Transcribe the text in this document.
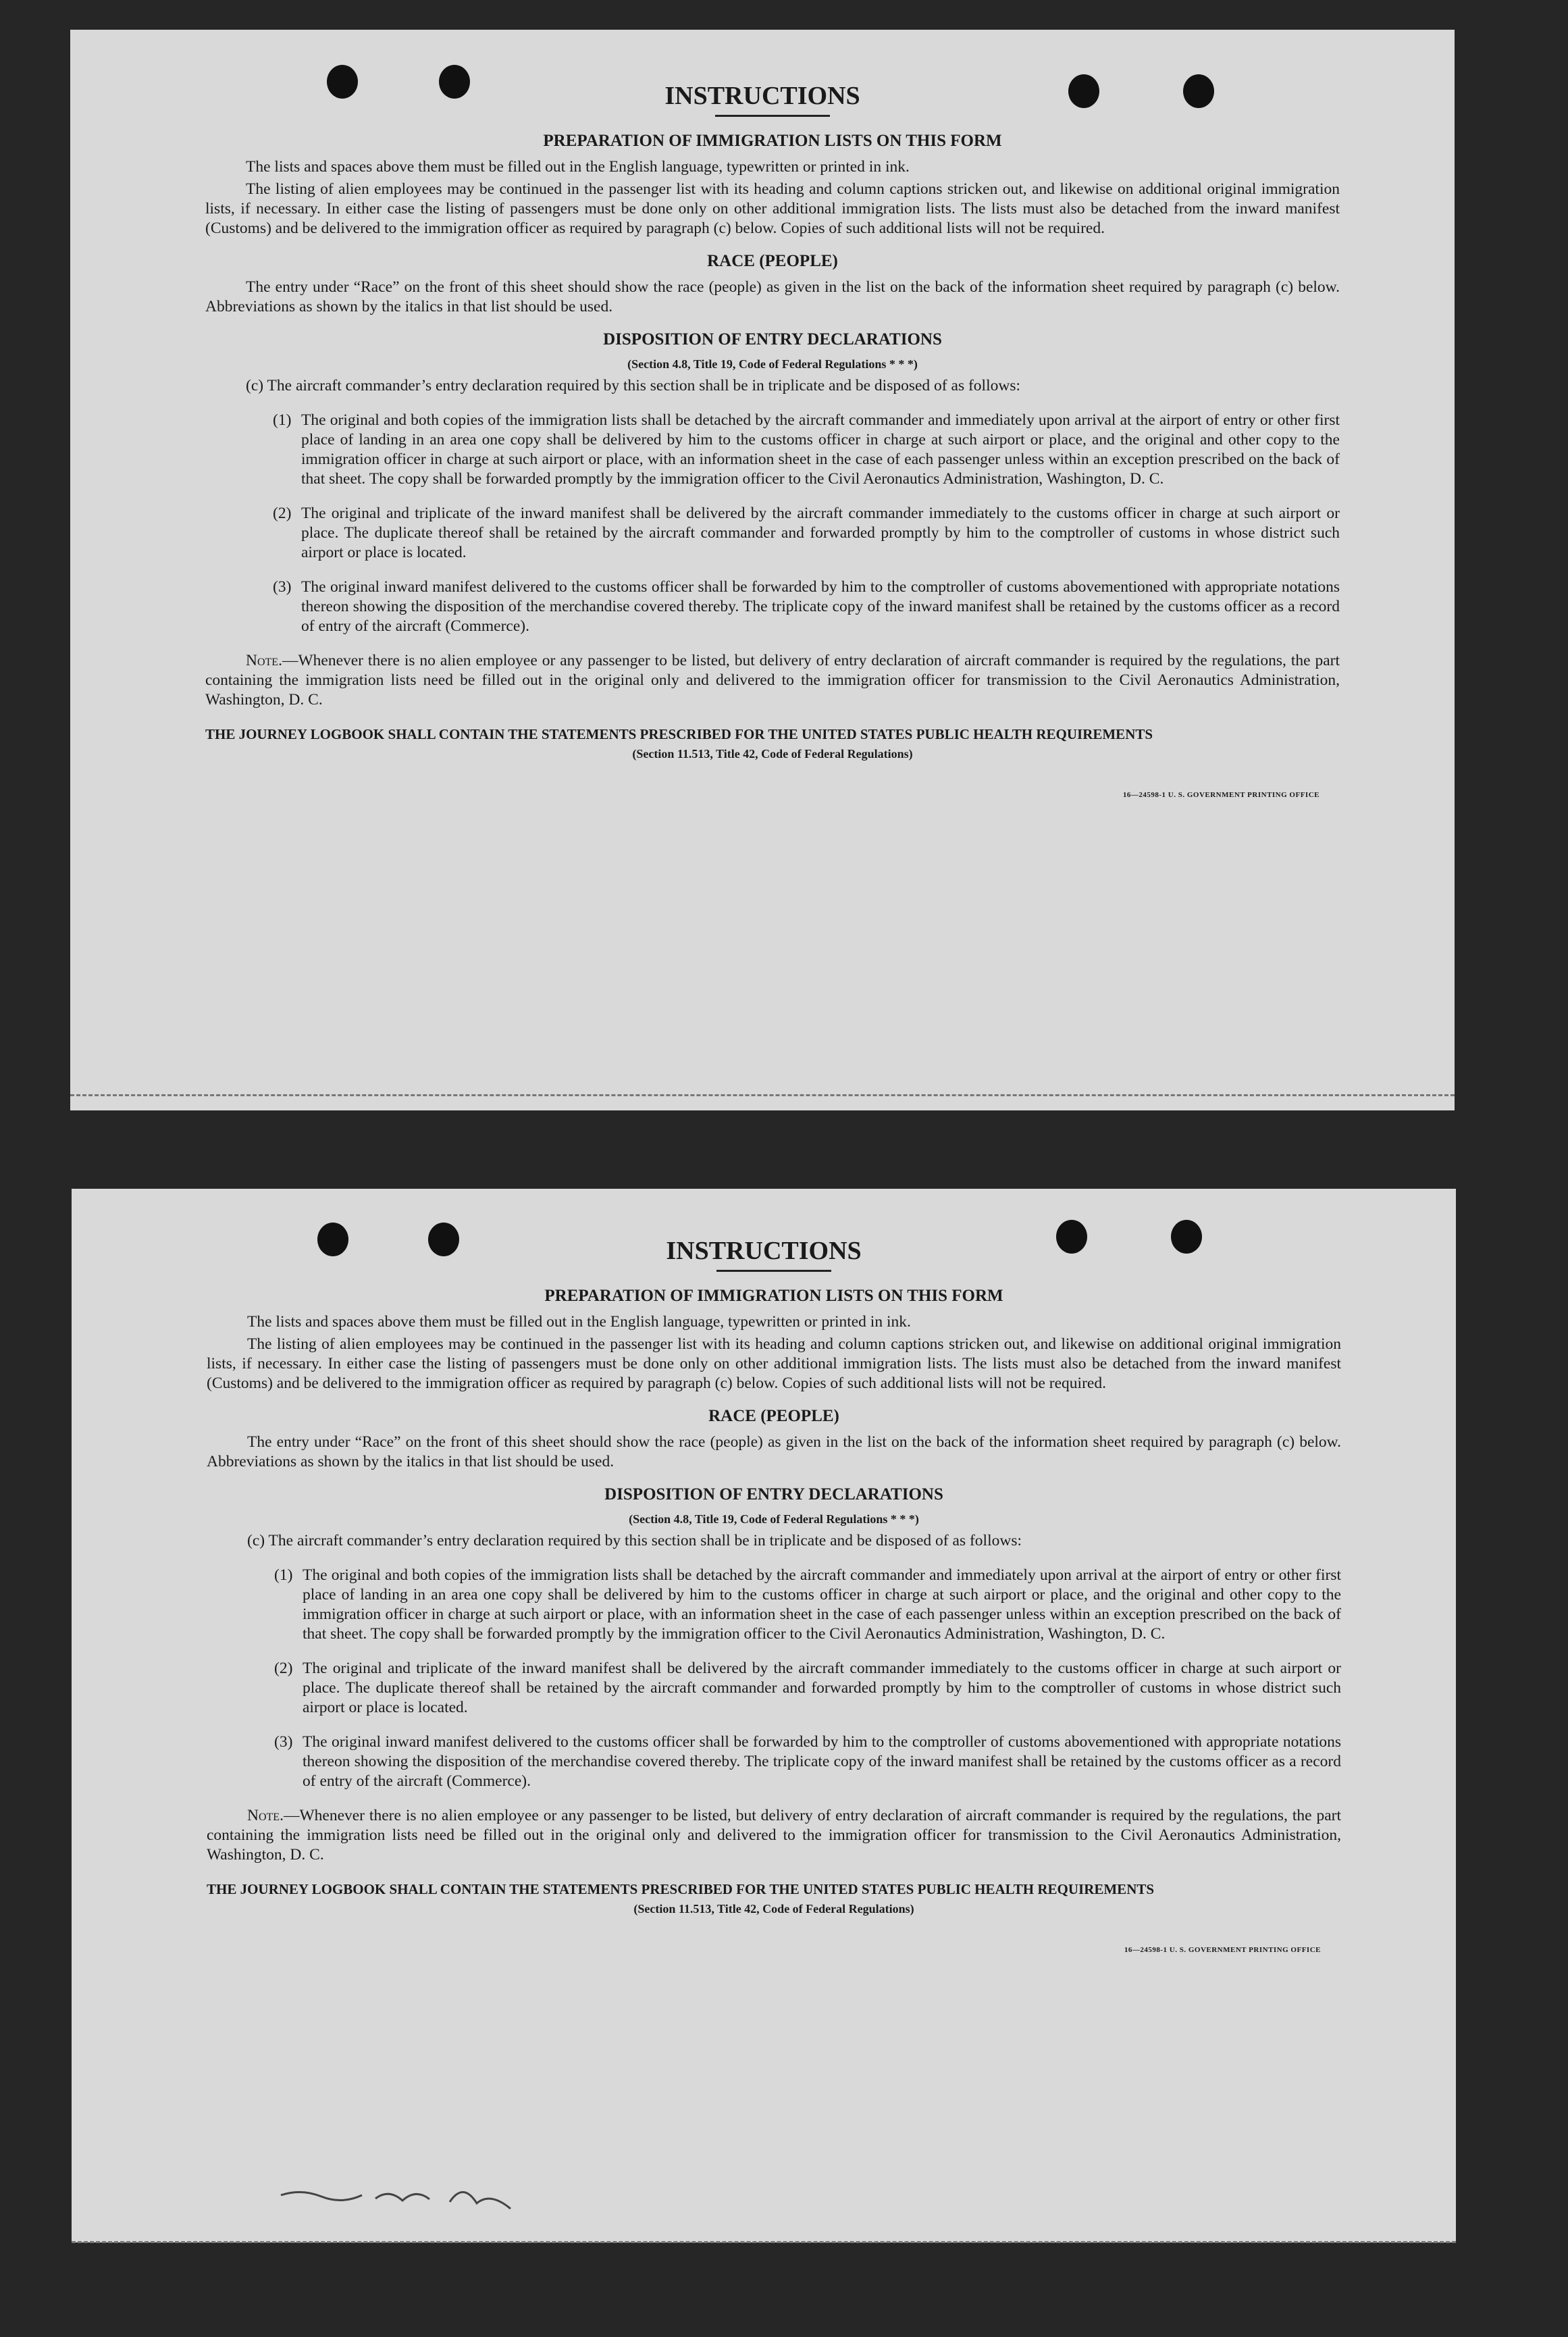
INSTRUCTIONS
PREPARATION OF IMMIGRATION LISTS ON THIS FORM

The lists and spaces above them must be filled out in the English language, typewritten or printed in ink.

The listing of alien employees may be continued in the passenger list with its heading and column captions stricken out, and likewise on additional original immigration lists, if necessary. In either case the listing of passengers must be done only on other additional immigration lists. The lists must also be detached from the inward manifest (Customs) and be delivered to the immigration officer as required by paragraph (c) below. Copies of such additional lists will not be required.

RACE (PEOPLE)

The entry under “Race” on the front of this sheet should show the race (people) as given in the list on the back of the information sheet required by paragraph (c) below. Abbreviations as shown by the italics in that list should be used.

DISPOSITION OF ENTRY DECLARATIONS
(Section 4.8, Title 19, Code of Federal Regulations * * *)

(c) The aircraft commander’s entry declaration required by this section shall be in triplicate and be disposed of as follows:

(1) The original and both copies of the immigration lists shall be detached by the aircraft commander and immediately upon arrival at the airport of entry or other first place of landing in an area one copy shall be delivered by him to the customs officer in charge at such airport or place, and the original and other copy to the immigration officer in charge at such airport or place, with an information sheet in the case of each passenger unless within an exception prescribed on the back of that sheet. The copy shall be forwarded promptly by the immigration officer to the Civil Aeronautics Administration, Washington, D. C.
(2) The original and triplicate of the inward manifest shall be delivered by the aircraft commander immediately to the customs officer in charge at such airport or place. The duplicate thereof shall be retained by the aircraft commander and forwarded promptly by him to the comptroller of customs in whose district such airport or place is located.
(3) The original inward manifest delivered to the customs officer shall be forwarded by him to the comptroller of customs abovementioned with appropriate notations thereon showing the disposition of the merchandise covered thereby. The triplicate copy of the inward manifest shall be retained by the customs officer as a record of entry of the aircraft (Commerce).

Note.—Whenever there is no alien employee or any passenger to be listed, but delivery of entry declaration of aircraft commander is required by the regulations, the part containing the immigration lists need be filled out in the original only and delivered to the immigration officer for transmission to the Civil Aeronautics Administration, Washington, D. C.

THE JOURNEY LOGBOOK SHALL CONTAIN THE STATEMENTS PRESCRIBED FOR THE UNITED STATES PUBLIC HEALTH REQUIREMENTS
(Section 11.513, Title 42, Code of Federal Regulations)
16—24598-1 U. S. GOVERNMENT PRINTING OFFICE
INSTRUCTIONS
PREPARATION OF IMMIGRATION LISTS ON THIS FORM

The lists and spaces above them must be filled out in the English language, typewritten or printed in ink.

The listing of alien employees may be continued in the passenger list with its heading and column captions stricken out, and likewise on additional original immigration lists, if necessary. In either case the listing of passengers must be done only on other additional immigration lists. The lists must also be detached from the inward manifest (Customs) and be delivered to the immigration officer as required by paragraph (c) below. Copies of such additional lists will not be required.

RACE (PEOPLE)

The entry under “Race” on the front of this sheet should show the race (people) as given in the list on the back of the information sheet required by paragraph (c) below. Abbreviations as shown by the italics in that list should be used.

DISPOSITION OF ENTRY DECLARATIONS
(Section 4.8, Title 19, Code of Federal Regulations * * *)

(c) The aircraft commander’s entry declaration required by this section shall be in triplicate and be disposed of as follows:

(1) The original and both copies of the immigration lists shall be detached by the aircraft commander and immediately upon arrival at the airport of entry or other first place of landing in an area one copy shall be delivered by him to the customs officer in charge at such airport or place, and the original and other copy to the immigration officer in charge at such airport or place, with an information sheet in the case of each passenger unless within an exception prescribed on the back of that sheet. The copy shall be forwarded promptly by the immigration officer to the Civil Aeronautics Administration, Washington, D. C.
(2) The original and triplicate of the inward manifest shall be delivered by the aircraft commander immediately to the customs officer in charge at such airport or place. The duplicate thereof shall be retained by the aircraft commander and forwarded promptly by him to the comptroller of customs in whose district such airport or place is located.
(3) The original inward manifest delivered to the customs officer shall be forwarded by him to the comptroller of customs abovementioned with appropriate notations thereon showing the disposition of the merchandise covered thereby. The triplicate copy of the inward manifest shall be retained by the customs officer as a record of entry of the aircraft (Commerce).

Note.—Whenever there is no alien employee or any passenger to be listed, but delivery of entry declaration of aircraft commander is required by the regulations, the part containing the immigration lists need be filled out in the original only and delivered to the immigration officer for transmission to the Civil Aeronautics Administration, Washington, D. C.

THE JOURNEY LOGBOOK SHALL CONTAIN THE STATEMENTS PRESCRIBED FOR THE UNITED STATES PUBLIC HEALTH REQUIREMENTS
(Section 11.513, Title 42, Code of Federal Regulations)
16—24598-1 U. S. GOVERNMENT PRINTING OFFICE
